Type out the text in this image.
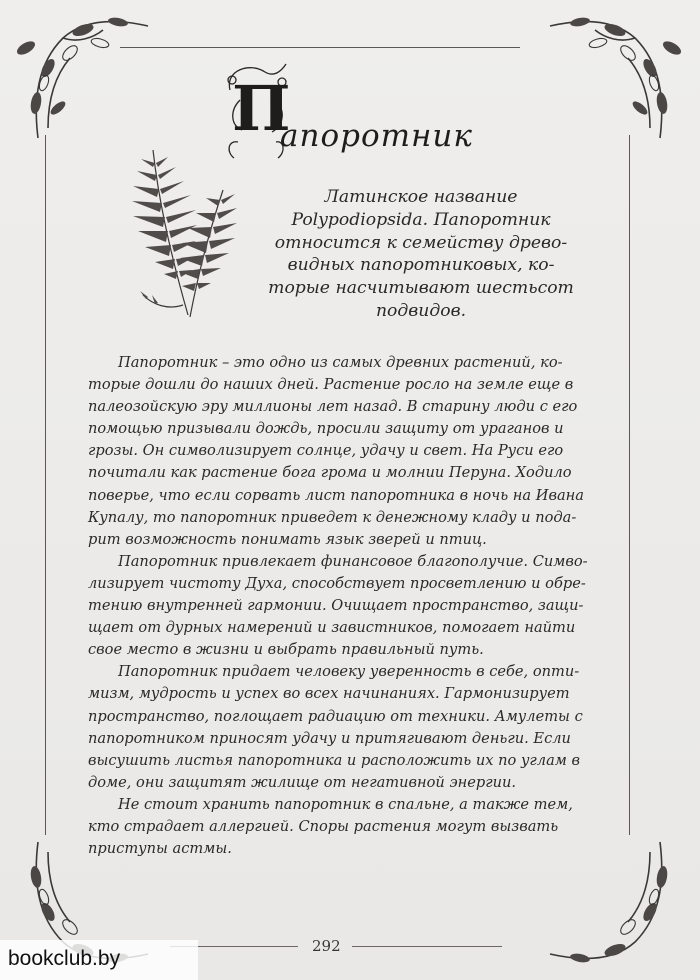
П
апоротник
Латинское название
Polypodiopsida. Папоротник
относится к семейству древо-
видных папоротниковых, ко-
торые насчитывают шестьсот
подвидов.
Папоротник – это одно из самых древних растений, ко-
торые дошли до наших дней. Растение росло на земле еще в
палеозойскую эру миллионы лет назад. В старину люди с его
помощью призывали дождь, просили защиту от ураганов и
грозы. Он символизирует солнце, удачу и свет. На Руси его
почитали как растение бога грома и молнии Перуна. Ходило
поверье, что если сорвать лист папоротника в ночь на Ивана
Купалу, то папоротник приведет к денежному кладу и пода-
рит возможность понимать язык зверей и птиц.
Папоротник привлекает финансовое благополучие. Симво-
лизирует чистоту Духа, способствует просветлению и обре-
тению внутренней гармонии. Очищает пространство, защи-
щает от дурных намерений и завистников, помогает найти
свое место в жизни и выбрать правильный путь.
Папоротник придает человеку уверенность в себе, опти-
мизм, мудрость и успех во всех начинаниях. Гармонизирует
пространство, поглощает радиацию от техники. Амулеты с
папоротником приносят удачу и притягивают деньги. Если
высушить листья папоротника и расположить их по углам в
доме, они защитят жилище от негативной энергии.
Не стоит хранить папоротник в спальне, а также тем,
кто страдает аллергией. Споры растения могут вызвать
приступы астмы.
292
bookclub.by
